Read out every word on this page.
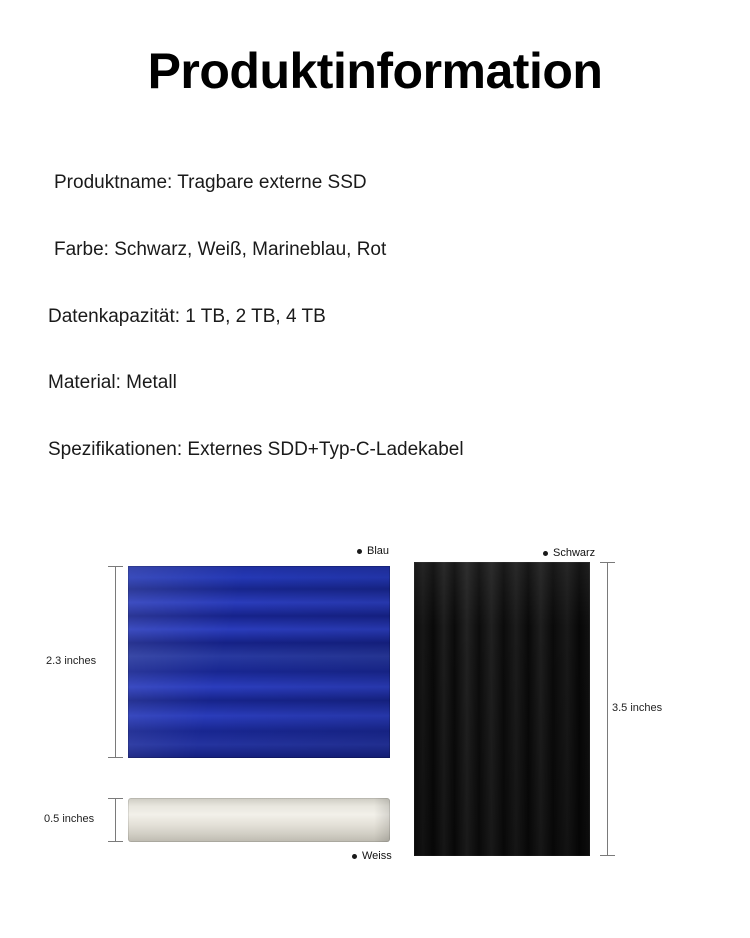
Produktinformation
Produktname: Tragbare externe SSD
Farbe: Schwarz, Weiß, Marineblau, Rot
Datenkapazität: 1 TB, 2 TB, 4 TB
Material: Metall
Spezifikationen: Externes SDD+Typ-C-Ladekabel
2.3 inches
0.5 inches
3.5 inches
Blau	Schwarz
Weiss
